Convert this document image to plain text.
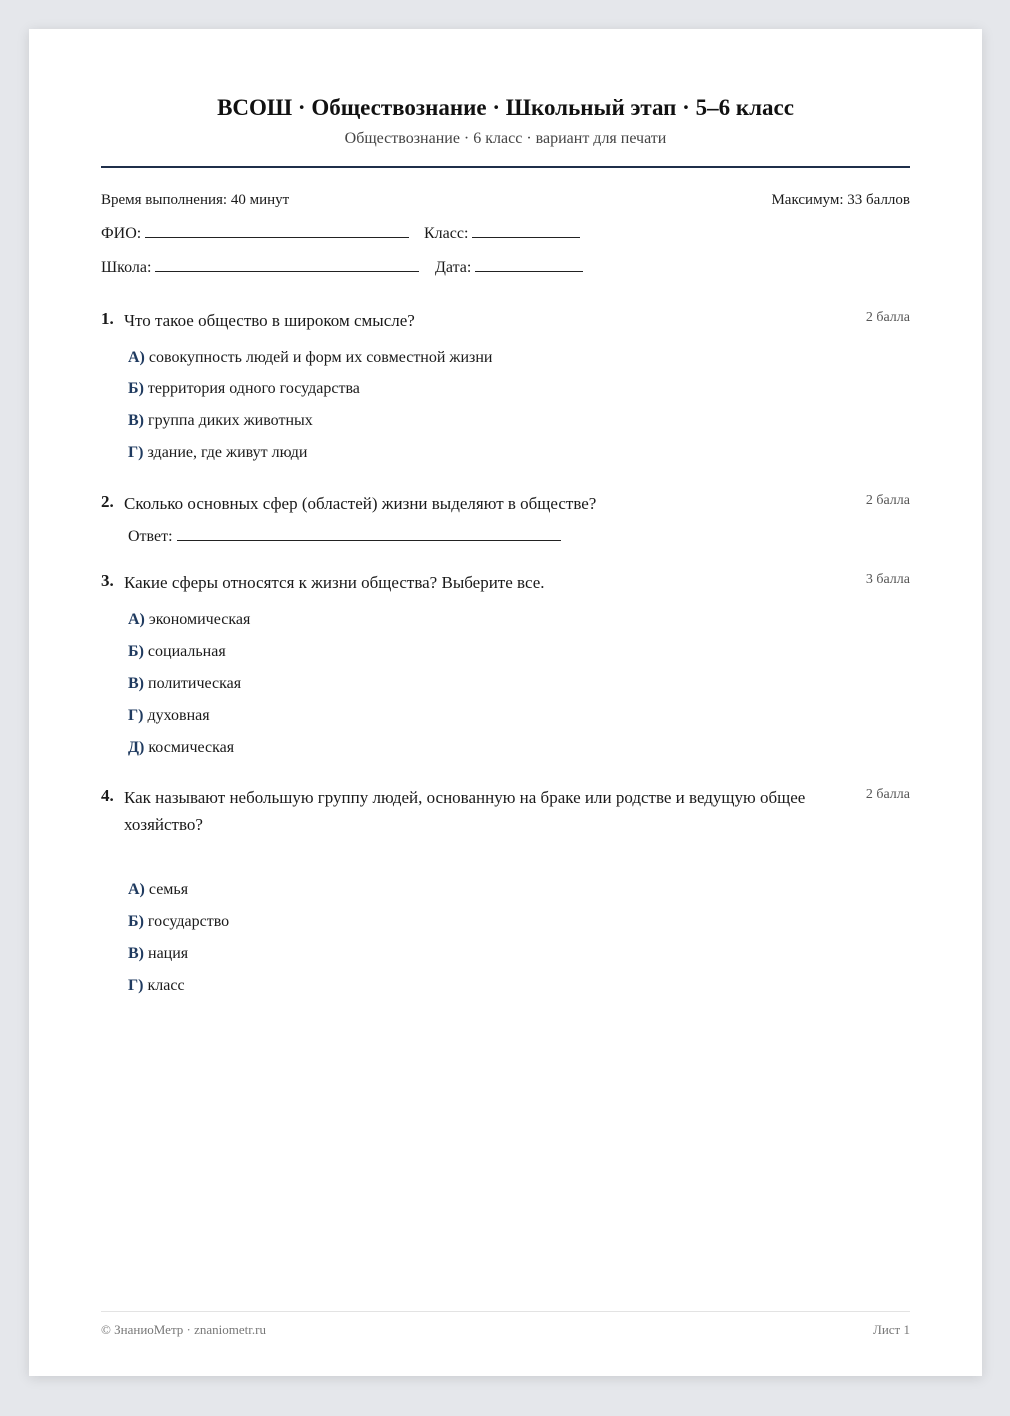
ВСОШ · Обществознание · Школьный этап · 5–6 класс
Обществознание · 6 класс · вариант для печати
Время выполнения: 40 минут	Максимум: 33 баллов
ФИО:	Класс:
Школа:	Дата:
1. Что такое общество в широком смысле?	2 балла
А) совокупность людей и форм их совместной жизни
Б) территория одного государства
В) группа диких животных
Г) здание, где живут люди
2. Сколько основных сфер (областей) жизни выделяют в обществе?	2 балла
Ответ:
3. Какие сферы относятся к жизни общества? Выберите все.	3 балла
А) экономическая
Б) социальная
В) политическая
Г) духовная
Д) космическая
4. Как называют небольшую группу людей, основанную на браке или родстве и ведущую общее хозяйство?
2 балла
А) семья
Б) государство
В) нация
Г) класс
© ЗнаниоМетр · znaniometr.ru	Лист 1
